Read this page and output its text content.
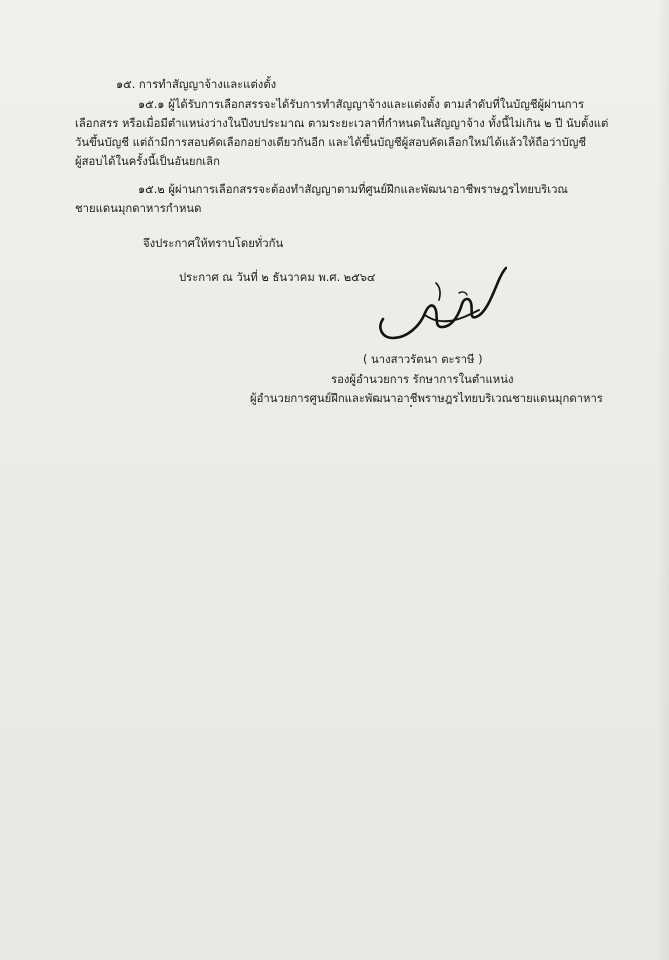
๑๕. การทำสัญญาจ้างและแต่งตั้ง
๑๕.๑ ผู้ได้รับการเลือกสรรจะได้รับการทำสัญญาจ้างและแต่งตั้ง ตามลำดับที่ในบัญชีผู้ผ่านการ
เลือกสรร หรือเมื่อมีตำแหน่งว่างในปีงบประมาณ ตามระยะเวลาที่กำหนดในสัญญาจ้าง ทั้งนี้ไม่เกิน ๒ ปี นับตั้งแต่
วันขึ้นบัญชี แต่ถ้ามีการสอบคัดเลือกอย่างเดียวกันอีก และได้ขึ้นบัญชีผู้สอบคัดเลือกใหม่ได้แล้วให้ถือว่าบัญชี
ผู้สอบได้ในครั้งนี้เป็นอันยกเลิก
๑๕.๒ ผู้ผ่านการเลือกสรรจะต้องทำสัญญาตามที่ศูนย์ฝึกและพัฒนาอาชีพราษฎรไทยบริเวณ
ชายแดนมุกดาหารกำหนด
จึงประกาศให้ทราบโดยทั่วกัน
ประกาศ ณ วันที่ ๒ ธันวาคม พ.ศ. ๒๕๖๔
( นางสาวรัตนา ตะราษี )
รองผู้อำนวยการ รักษาการในตำแหน่ง
ผู้อำนวยการศูนย์ฝึกและพัฒนาอาชีพราษฎรไทยบริเวณชายแดนมุกดาหาร
